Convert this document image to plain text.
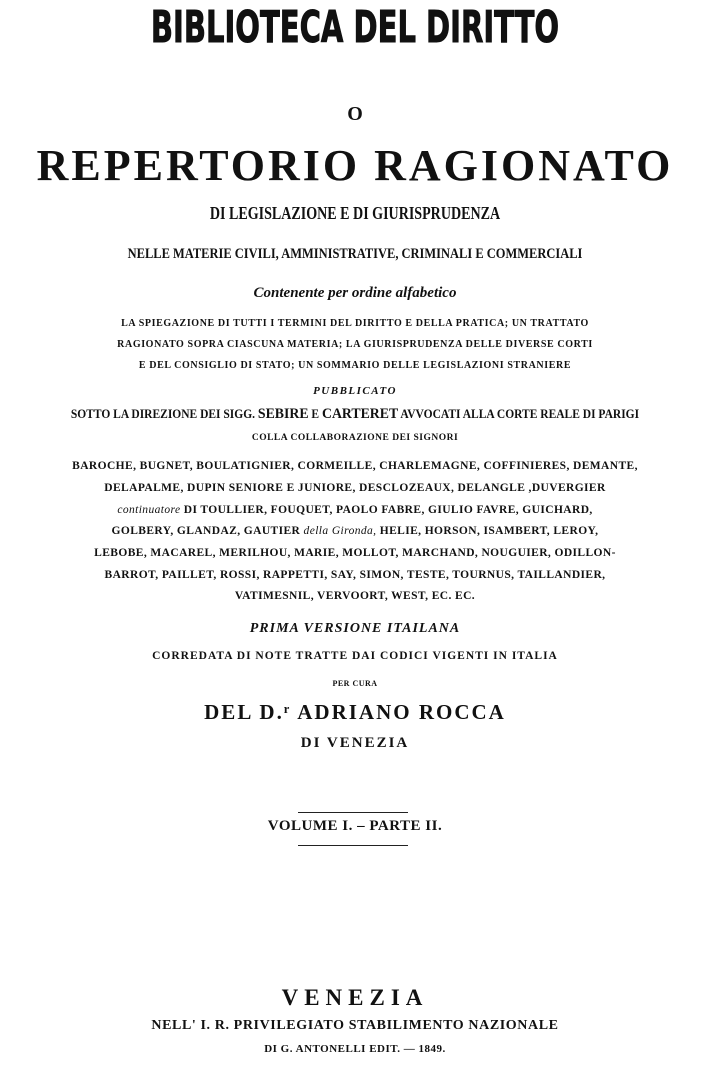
BIBLIOTECA DEL DIRITTO
O
REPERTORIO RAGIONATO
DI LEGISLAZIONE E DI GIURISPRUDENZA
NELLE MATERIE CIVILI, AMMINISTRATIVE, CRIMINALI E COMMERCIALI
Contenente per ordine alfabetico
LA SPIEGAZIONE DI TUTTI I TERMINI DEL DIRITTO E DELLA PRATICA; UN TRATTATO
RAGIONATO SOPRA CIASCUNA MATERIA; LA GIURISPRUDENZA DELLE DIVERSE CORTI
E DEL CONSIGLIO DI STATO; UN SOMMARIO DELLE LEGISLAZIONI STRANIERE
PUBBLICATO
SOTTO LA DIREZIONE DEI SIGG. SEBIRE E CARTERET AVVOCATI ALLA CORTE REALE DI PARIGI
COLLA COLLABORAZIONE DEI SIGNORI
BAROCHE, BUGNET, BOULATIGNIER, CORMEILLE, CHARLEMAGNE, COFFINIERES, DEMANTE,
DELAPALME, DUPIN SENIORE E JUNIORE, DESCLOZEAUX, DELANGLE ,DUVERGIER
continuatore DI TOULLIER, FOUQUET, PAOLO FABRE, GIULIO FAVRE, GUICHARD,
GOLBERY, GLANDAZ, GAUTIER della Gironda, HELIE, HORSON, ISAMBERT, LEROY,
LEBOBE, MACAREL, MERILHOU, MARIE, MOLLOT, MARCHAND, NOUGUIER, ODILLON-
BARROT, PAILLET, ROSSI, RAPPETTI, SAY, SIMON, TESTE, TOURNUS, TAILLANDIER,
VATIMESNIL, VERVOORT, WEST, EC. EC.
PRIMA VERSIONE ITAILANA
CORREDATA DI NOTE TRATTE DAI CODICI VIGENTI IN ITALIA
PER CURA
DEL D.ʳ ADRIANO ROCCA
DI VENEZIA
VOLUME I. – PARTE II.
VENEZIA
NELL' I. R. PRIVILEGIATO STABILIMENTO NAZIONALE
DI G. ANTONELLI EDIT. — 1849.
